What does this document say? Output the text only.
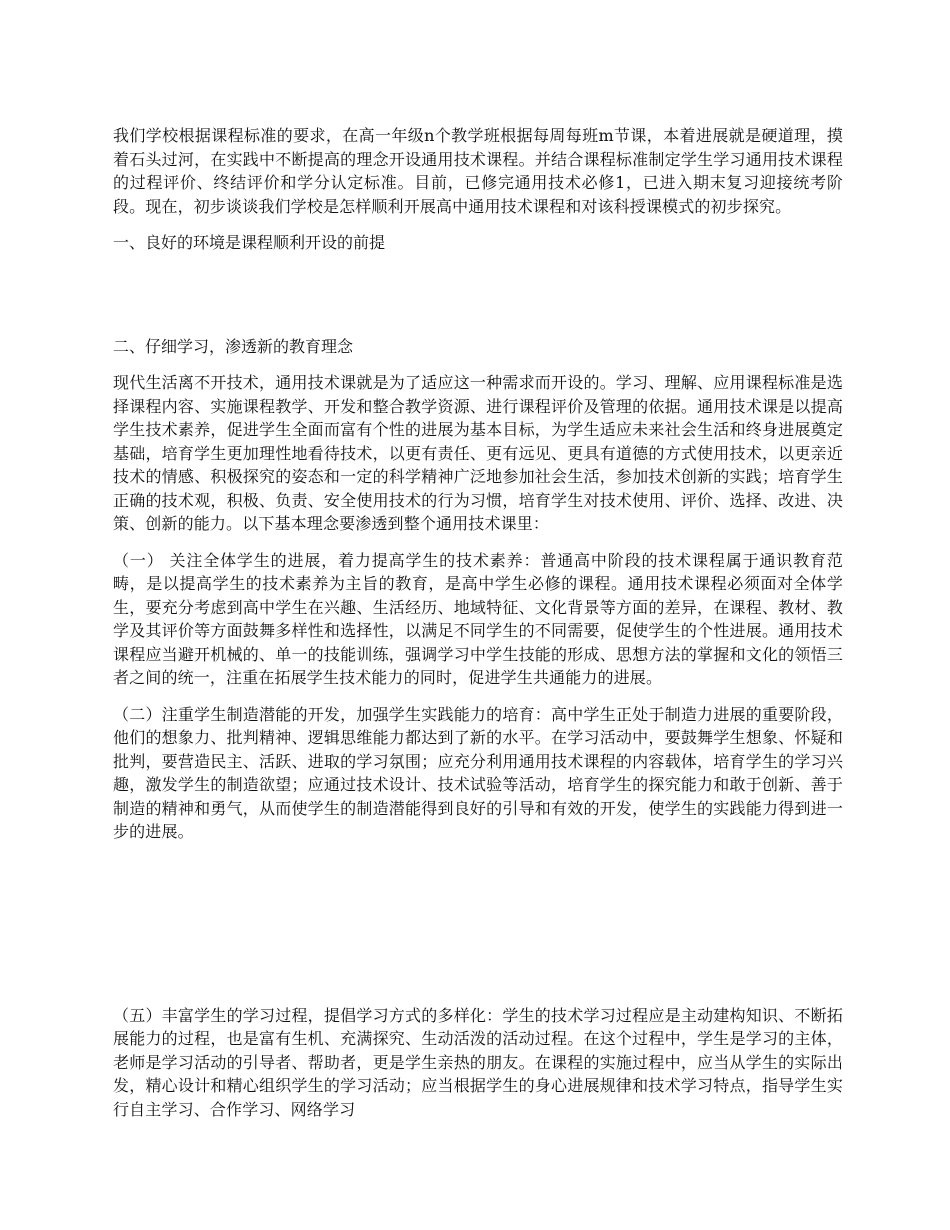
我们学校根据课程标准的要求，在高一年级n个教学班根据每周每班m节课，本着进展就是硬道理，摸着石头过河，在实践中不断提高的理念开设通用技术课程。并结合课程标准制定学生学习通用技术课程的过程评价、终结评价和学分认定标准。目前，已修完通用技术必修1，已进入期末复习迎接统考阶段。现在，初步谈谈我们学校是怎样顺利开展高中通用技术课程和对该科授课模式的初步探究。

一、良好的环境是课程顺利开设的前提

二、仔细学习，渗透新的教育理念

现代生活离不开技术，通用技术课就是为了适应这一种需求而开设的。学习、理解、应用课程标准是选择课程内容、实施课程教学、开发和整合教学资源、进行课程评价及管理的依据。通用技术课是以提高学生技术素养，促进学生全面而富有个性的进展为基本目标，为学生适应未来社会生活和终身进展奠定基础，培育学生更加理性地看待技术，以更有责任、更有远见、更具有道德的方式使用技术，以更亲近技术的情感、积极探究的姿态和一定的科学精神广泛地参加社会生活，参加技术创新的实践；培育学生正确的技术观，积极、负责、安全使用技术的行为习惯，培育学生对技术使用、评价、选择、改进、决策、创新的能力。以下基本理念要渗透到整个通用技术课里：

（一） 关注全体学生的进展，着力提高学生的技术素养：普通高中阶段的技术课程属于通识教育范畴，是以提高学生的技术素养为主旨的教育，是高中学生必修的课程。通用技术课程必须面对全体学生，要充分考虑到高中学生在兴趣、生活经历、地域特征、文化背景等方面的差异，在课程、教材、教学及其评价等方面鼓舞多样性和选择性，以满足不同学生的不同需要，促使学生的个性进展。通用技术课程应当避开机械的、单一的技能训练，强调学习中学生技能的形成、思想方法的掌握和文化的领悟三者之间的统一，注重在拓展学生技术能力的同时，促进学生共通能力的进展。

（二）注重学生制造潜能的开发，加强学生实践能力的培育：高中学生正处于制造力进展的重要阶段，他们的想象力、批判精神、逻辑思维能力都达到了新的水平。在学习活动中，要鼓舞学生想象、怀疑和批判，要营造民主、活跃、进取的学习氛围；应充分利用通用技术课程的内容载体，培育学生的学习兴趣，激发学生的制造欲望；应通过技术设计、技术试验等活动，培育学生的探究能力和敢于创新、善于制造的精神和勇气，从而使学生的制造潜能得到良好的引导和有效的开发，使学生的实践能力得到进一步的进展。

（五）丰富学生的学习过程，提倡学习方式的多样化：学生的技术学习过程应是主动建构知识、不断拓展能力的过程，也是富有生机、充满探究、生动活泼的活动过程。在这个过程中，学生是学习的主体，老师是学习活动的引导者、帮助者，更是学生亲热的朋友。在课程的实施过程中，应当从学生的实际出发，精心设计和精心组织学生的学习活动；应当根据学生的身心进展规律和技术学习特点，指导学生实行自主学习、合作学习、网络学习
